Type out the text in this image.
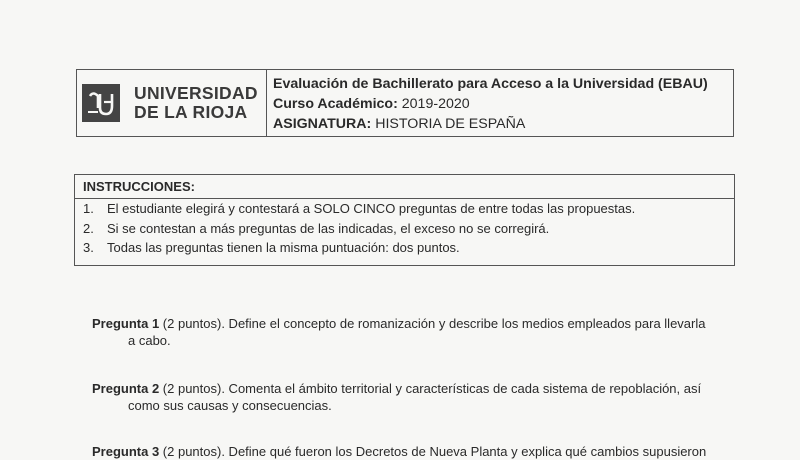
UNIVERSIDAD
DE LA RIOJA
Evaluación de Bachillerato para Acceso a la Universidad (EBAU)
Curso Académico: 2019-2020
ASIGNATURA: HISTORIA DE ESPAÑA
INSTRUCCIONES:
1. El estudiante elegirá y contestará a SOLO CINCO preguntas de entre todas las propuestas.
2. Si se contestan a más preguntas de las indicadas, el exceso no se corregirá.
3. Todas las preguntas tienen la misma puntuación: dos puntos.
Pregunta 1 (2 puntos). Define el concepto de romanización y describe los medios empleados para llevarla
a cabo.
Pregunta 2 (2 puntos). Comenta el ámbito territorial y características de cada sistema de repoblación, así
como sus causas y consecuencias.
Pregunta 3 (2 puntos). Define qué fueron los Decretos de Nueva Planta y explica qué cambios supusieron
